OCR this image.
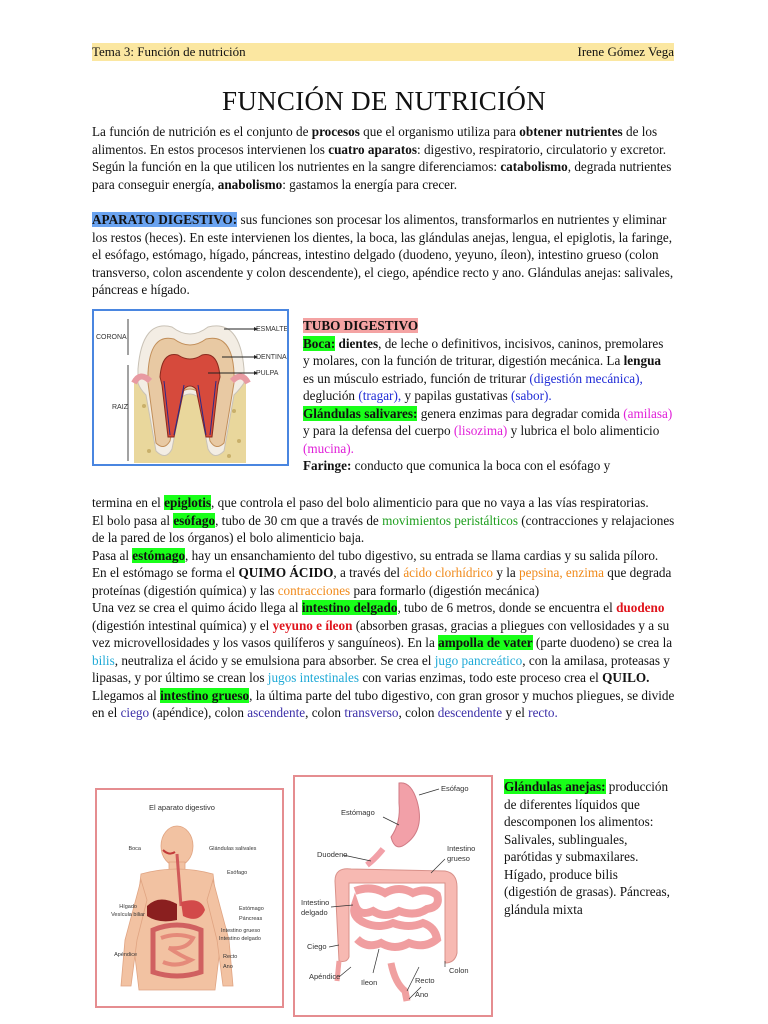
Tema 3: Función de nutrición	Irene Gómez Vega
FUNCIÓN DE NUTRICIÓN
La función de nutrición es el conjunto de procesos que el organismo utiliza para obtener nutrientes de los alimentos. En estos procesos intervienen los cuatro aparatos: digestivo, respiratorio, circulatorio y excretor. Según la función en la que utilicen los nutrientes en la sangre diferenciamos: catabolismo, degrada nutrientes para conseguir energía, anabolismo: gastamos la energía para crecer.
APARATO DIGESTIVO: sus funciones son procesar los alimentos, transformarlos en nutrientes y eliminar los restos (heces). En este intervienen los dientes, la boca, las glándulas anejas, lengua, el epiglotis, la faringe, el esófago, estómago, hígado, páncreas, intestino delgado (duodeno, yeyuno, íleon), intestino grueso (colon transverso, colon ascendente y colon descendente), el ciego, apéndice recto y ano. Glándulas anejas: salivales, páncreas e hígado.
CORONA
RAIZ
ESMALTE
DENTINA
PULPA
TUBO DIGESTIVO
Boca: dientes, de leche o definitivos, incisivos, caninos, premolares y molares, con la función de triturar, digestión mecánica. La lengua es un músculo estriado, función de triturar (digestión mecánica), deglución (tragar), y papilas gustativas (sabor).
Glándulas salivares: genera enzimas para degradar comida (amilasa) y para la defensa del cuerpo (lisozima) y lubrica el bolo alimenticio (mucina).
Faringe: conducto que comunica la boca con el esófago y
termina en el epiglotis, que controla el paso del bolo alimenticio para que no vaya a las vías respiratorias.
El bolo pasa al esófago, tubo de 30 cm que a través de movimientos peristálticos (contracciones y relajaciones de la pared de los órganos) el bolo alimenticio baja.
Pasa al estómago, hay un ensanchamiento del tubo digestivo, su entrada se llama cardias y su salida píloro. En el estómago se forma el QUIMO ÁCIDO, a través del ácido clorhídrico y la pepsina, enzima que degrada proteínas (digestión química) y las contracciones para formarlo (digestión mecánica)
Una vez se crea el quimo ácido llega al intestino delgado, tubo de 6 metros, donde se encuentra el duodeno (digestión intestinal química) y el yeyuno e íleon (absorben grasas, gracias a pliegues con vellosidades y a su vez microvellosidades y los vasos quilíferos y sanguíneos). En la ampolla de vater (parte duodeno) se crea la bilis, neutraliza el ácido y se emulsiona para absorber. Se crea el jugo pancreático, con la amilasa, proteasas y lipasas, y por último se crean los jugos intestinales con varias enzimas, todo este proceso crea el QUILO.
Llegamos al intestino grueso, la última parte del tubo digestivo, con gran grosor y muchos pliegues, se divide en el ciego (apéndice), colon ascendente, colon transverso, colon descendente y el recto.
El aparato digestivo
Boca	Glándulas salivales
Esófago
Hígado
Vesícula biliar
Estómago
Páncreas
Intestino grueso
Intestino delgado
Apéndice	Recto
Ano
Esófago
Estómago
Duodeno
Intestino
grueso
Intestino
delgado
Ciego
Apéndice
Ileon	Recto
Colon
Ano
Glándulas anejas: producción de diferentes líquidos que descomponen los alimentos: Salivales, sublinguales, parótidas y submaxilares. Hígado, produce bilis (digestión de grasas). Páncreas, glándula mixta
